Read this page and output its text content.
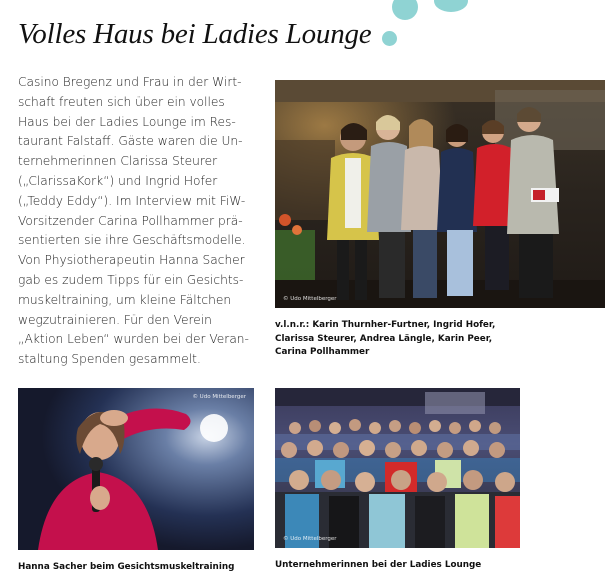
Volles Haus bei Ladies Lounge

Casino Bregenz und Frau in der Wirt-

schaft freuten sich über ein volles

Haus bei der Ladies Lounge im Res-

taurant Falstaff. Gäste waren die Un-

ternehmerinnen Clarissa Steurer

(„ClarissaKork“) und Ingrid Hofer

(„Teddy Eddy“). Im Interview mit FiW-

Vorsitzender Carina Pollhammer prä-

sentierten sie ihre Geschäftsmodelle.

Von Physiotherapeutin Hanna Sacher

gab es zudem Tipps für ein Gesichts-

muskeltraining, um kleine Fältchen

wegzutrainieren. Für den Verein

„Aktion Leben“ wurden bei der Veran-

staltung Spenden gesammelt.

© Udo Mittelberger

v.l.n.r.: Karin Thurnher-Furtner, Ingrid Hofer,

Clarissa Steurer, Andrea Längle, Karin Peer,

Carina Pollhammer

© Udo Mittelberger
Hanna Sacher beim Gesichtsmuskeltraining
© Udo Mittelberger
Unternehmerinnen bei der Ladies Lounge
